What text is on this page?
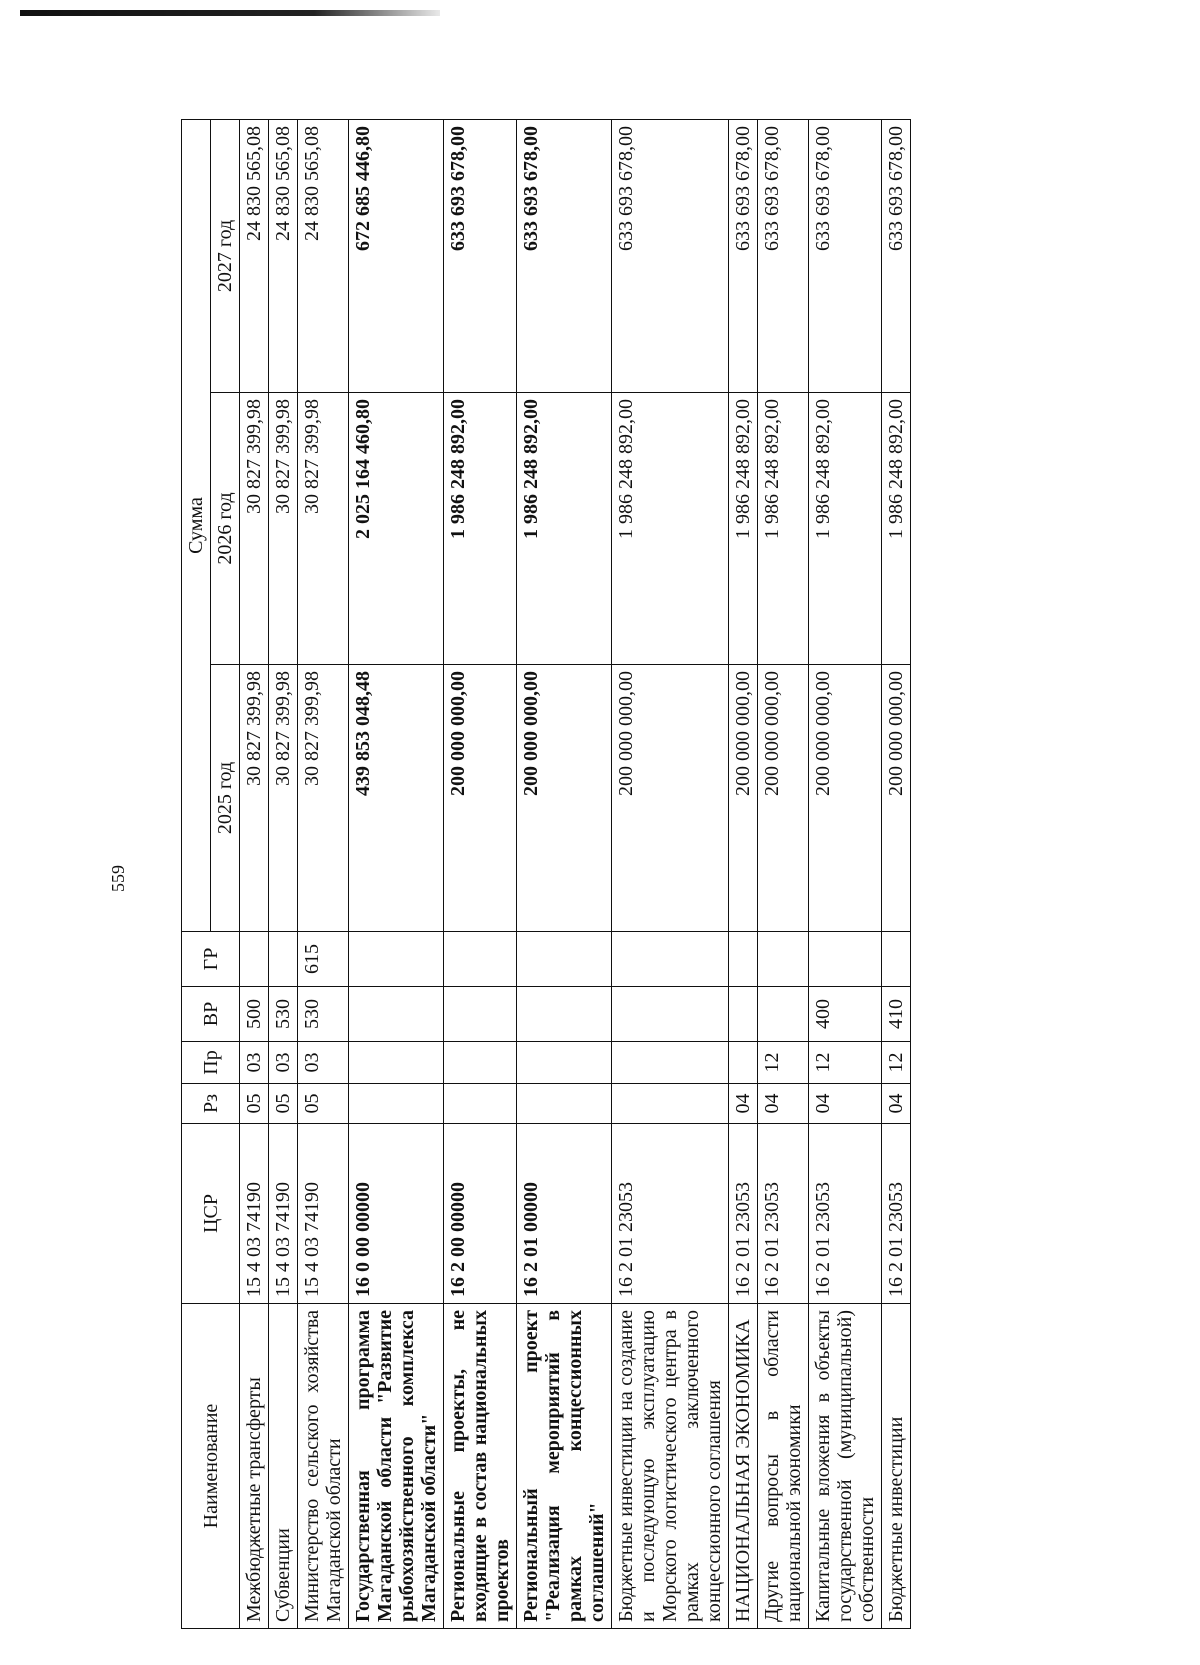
559
Наименование	ЦСР	Рз	Пр	ВР	ГР	Сумма		
						2025 год	2026 год	2027 год
Межбюджетные трансферты	15 4 03 74190	05	03	500		30 827 399,98	30 827 399,98	24 830 565,08
Субвенции	15 4 03 74190	05	03	530		30 827 399,98	30 827 399,98	24 830 565,08
Министерство сельского хозяйства Магаданской области	15 4 03 74190	05	03	530	615	30 827 399,98	30 827 399,98	24 830 565,08
Государственная программа Магаданской области "Развитие рыбохозяйственного комплекса Магаданской области"	16 0 00 00000					439 853 048,48	2 025 164 460,80	672 685 446,80
Региональные проекты, не входящие в состав национальных проектов	16 2 00 00000					200 000 000,00	1 986 248 892,00	633 693 678,00
Региональный проект "Реализация мероприятий в рамках концессионных соглашений"	16 2 01 00000					200 000 000,00	1 986 248 892,00	633 693 678,00
Бюджетные инвестиции на создание и последующую эксплуатацию Морского логистического центра в рамках заключенного концессионного соглашения	16 2 01 23053					200 000 000,00	1 986 248 892,00	633 693 678,00
НАЦИОНАЛЬНАЯ ЭКОНОМИКА	16 2 01 23053	04				200 000 000,00	1 986 248 892,00	633 693 678,00
Другие вопросы в области национальной экономики	16 2 01 23053	04	12			200 000 000,00	1 986 248 892,00	633 693 678,00
Капитальные вложения в объекты государственной (муниципальной) собственности	16 2 01 23053	04	12	400		200 000 000,00	1 986 248 892,00	633 693 678,00
Бюджетные инвестиции	16 2 01 23053	04	12	410		200 000 000,00	1 986 248 892,00	633 693 678,00
